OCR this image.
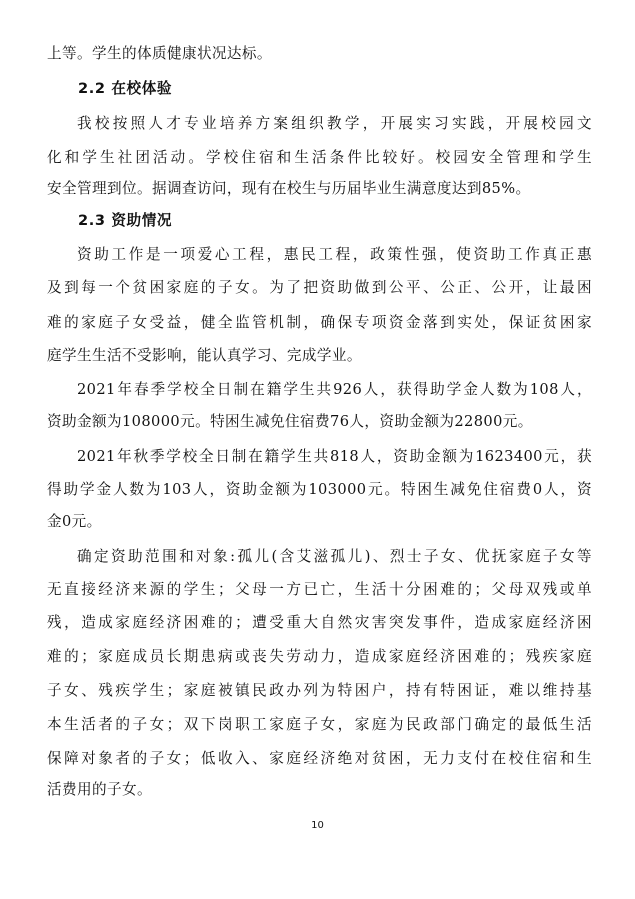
上等。学生的体质健康状况达标。
2.2 在校体验
我校按照人才专业培养方案组织教学，开展实习实践，开展校园文
化和学生社团活动。学校住宿和生活条件比较好。校园安全管理和学生
安全管理到位。据调查访问，现有在校生与历届毕业生满意度达到85%。
2.3 资助情况
资助工作是一项爱心工程，惠民工程，政策性强，使资助工作真正惠
及到每一个贫困家庭的子女。为了把资助做到公平、公正、公开，让最困
难的家庭子女受益，健全监管机制，确保专项资金落到实处，保证贫困家
庭学生生活不受影响，能认真学习、完成学业。
2021年春季学校全日制在籍学生共926人，获得助学金人数为108人，
资助金额为108000元。特困生减免住宿费76人，资助金额为22800元。
2021年秋季学校全日制在籍学生共818人，资助金额为1623400元，获
得助学金人数为103人，资助金额为103000元。特困生减免住宿费0人，资
金0元。
确定资助范围和对象:孤儿(含艾滋孤儿)、烈士子女、优抚家庭子女等
无直接经济来源的学生；父母一方已亡，生活十分困难的；父母双残或单
残，造成家庭经济困难的；遭受重大自然灾害突发事件，造成家庭经济困
难的；家庭成员长期患病或丧失劳动力，造成家庭经济困难的；残疾家庭
子女、残疾学生；家庭被镇民政办列为特困户，持有特困证，难以维持基
本生活者的子女；双下岗职工家庭子女，家庭为民政部门确定的最低生活
保障对象者的子女；低收入、家庭经济绝对贫困，无力支付在校住宿和生
活费用的子女。
10
